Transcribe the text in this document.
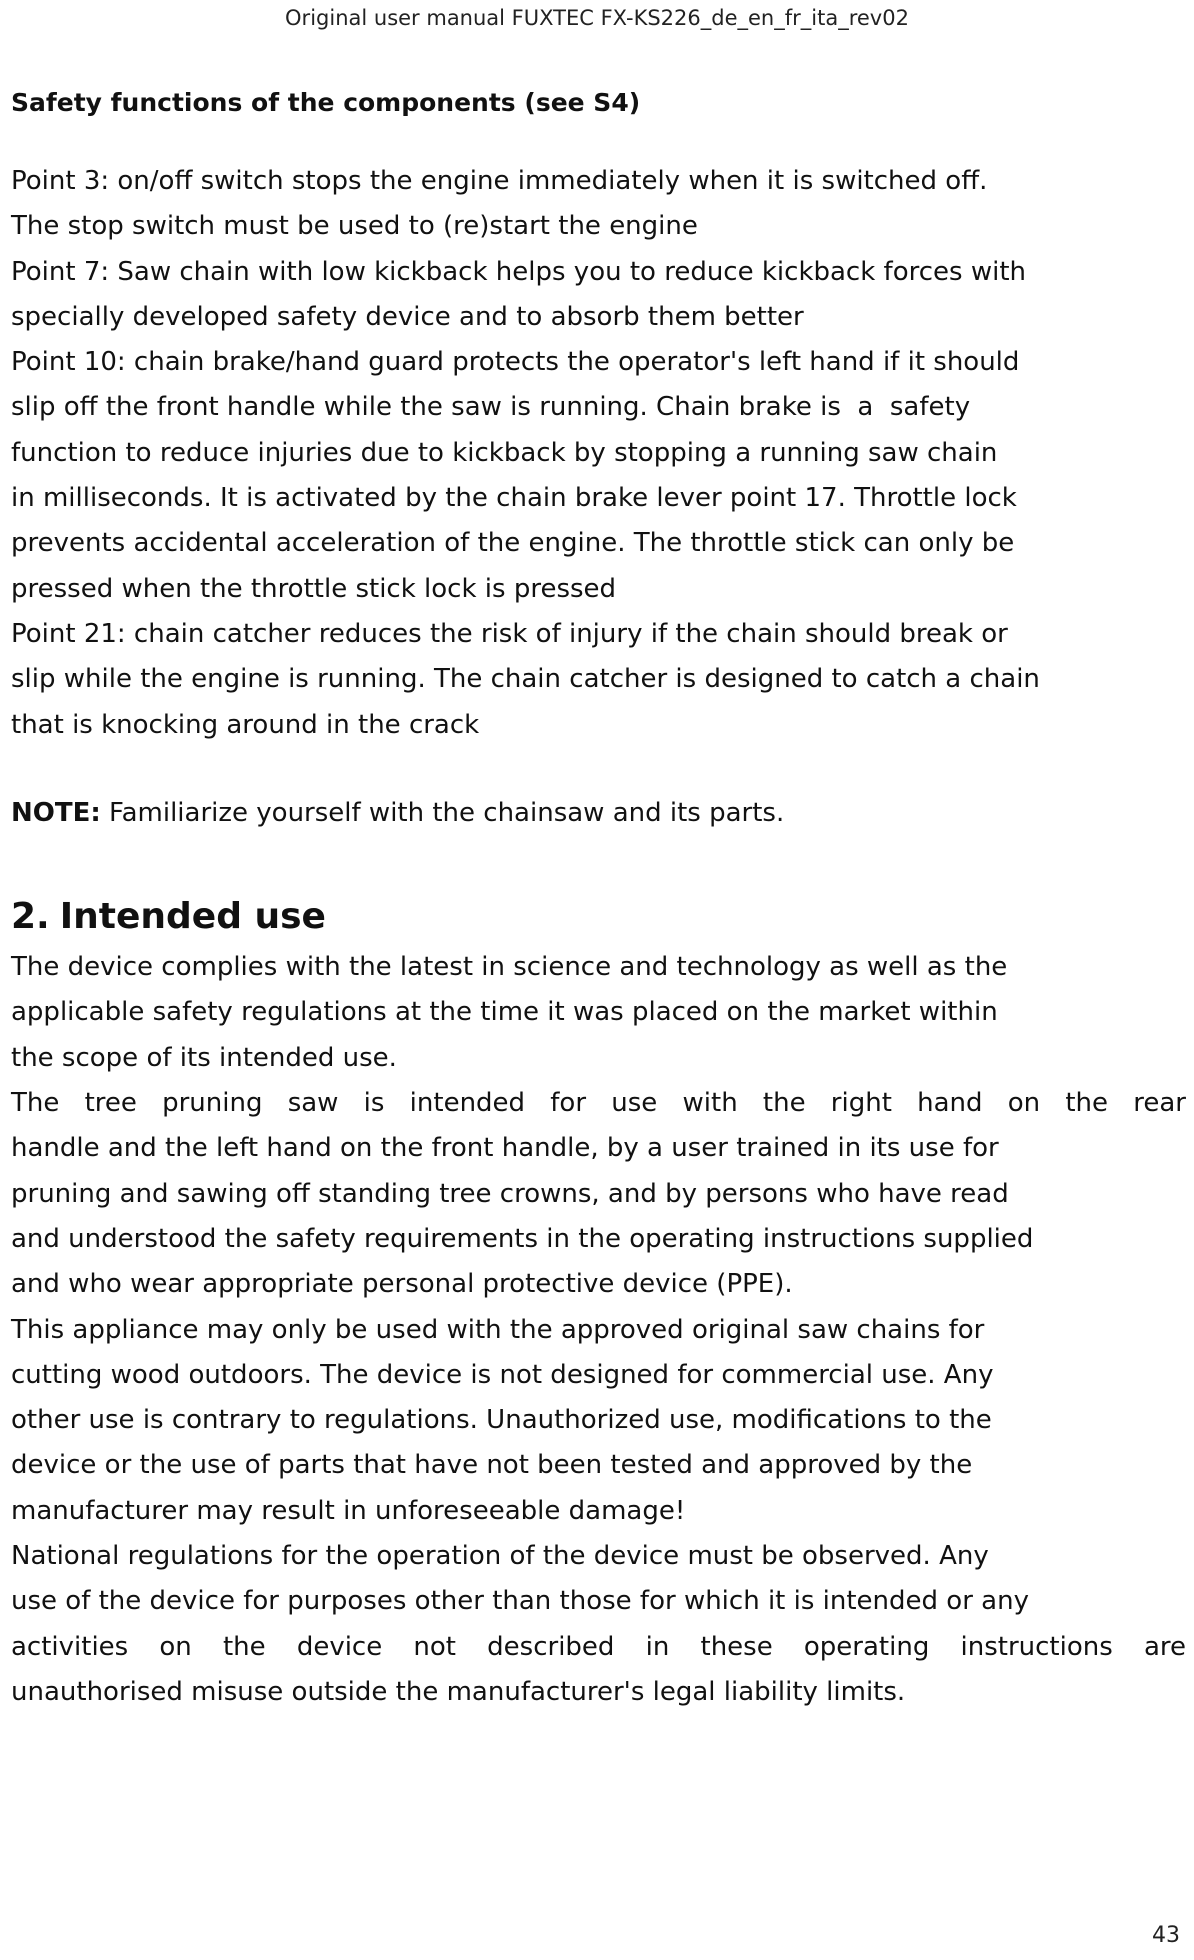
Original user manual FUXTEC FX-KS226_de_en_fr_ita_rev02
Safety functions of the components (see S4)

Point 3: on/off switch stops the engine immediately when it is switched off.

The stop switch must be used to (re)start the engine

Point 7: Saw chain with low kickback helps you to reduce kickback forces with

specially developed safety device and to absorb them better

Point 10: chain brake/hand guard protects the operator's left hand if it should

slip off the front handle while the saw is running. Chain brake is  a  safety

function to reduce injuries due to kickback by stopping a running saw chain

in milliseconds. It is activated by the chain brake lever point 17. Throttle lock

prevents accidental acceleration of the engine. The throttle stick can only be

pressed when the throttle stick lock is pressed

Point 21: chain catcher reduces the risk of injury if the chain should break or

slip while the engine is running. The chain catcher is designed to catch a chain

that is knocking around in the crack

NOTE: Familiarize yourself with the chainsaw and its parts.
2. Intended use

The device complies with the latest in science and technology as well as the

applicable safety regulations at the time it was placed on the market within

the scope of its intended use.

The tree pruning saw is intended for use with the right hand on the rear

handle and the left hand on the front handle, by a user trained in its use for

pruning and sawing off standing tree crowns, and by persons who have read

and understood the safety requirements in the operating instructions supplied

and who wear appropriate personal protective device (PPE).

This appliance may only be used with the approved original saw chains for

cutting wood outdoors. The device is not designed for commercial use. Any

other use is contrary to regulations. Unauthorized use, modifications to the

device or the use of parts that have not been tested and approved by the

manufacturer may result in unforeseeable damage!

National regulations for the operation of the device must be observed. Any

use of the device for purposes other than those for which it is intended or any

activities on the device not described in these operating instructions are

unauthorised misuse outside the manufacturer's legal liability limits.

43
